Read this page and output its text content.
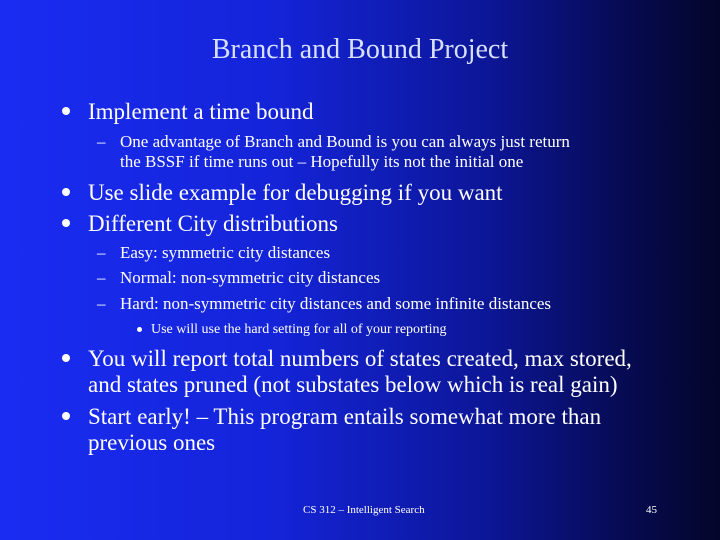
Branch and Bound Project
Implement a time bound
– One advantage of Branch and Bound is you can always just return
the BSSF if time runs out – Hopefully its not the initial one
Use slide example for debugging if you want
Different City distributions
– Easy: symmetric city distances
– Normal: non-symmetric city distances
– Hard: non-symmetric city distances and some infinite distances
Use will use the hard setting for all of your reporting
You will report total numbers of states created, max stored,
and states pruned (not substates below which is real gain)
Start early! – This program entails somewhat more than
previous ones
CS 312 – Intelligent Search	45
